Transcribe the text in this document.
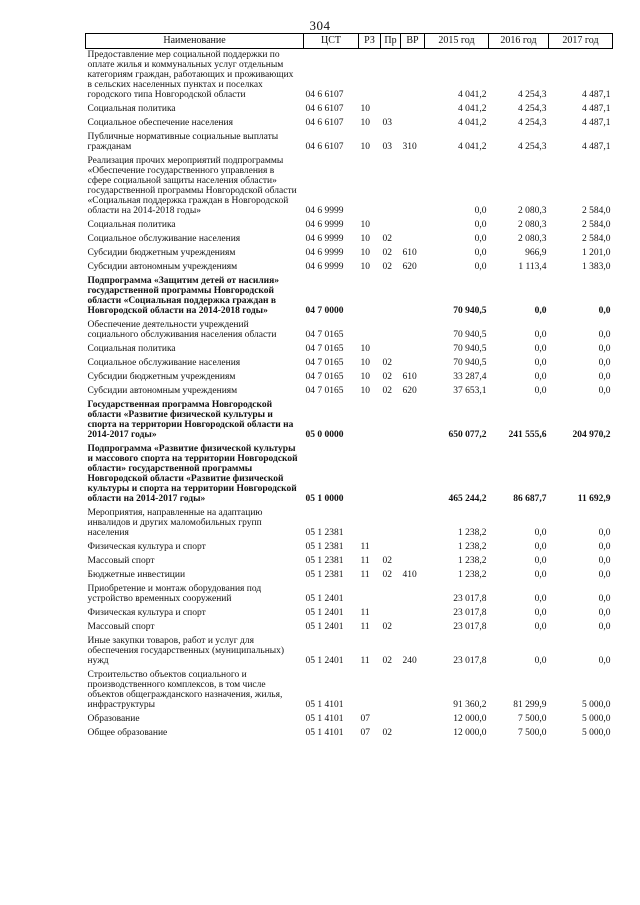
304
Наименование	ЦСТ	РЗ	Пр	ВР	2015 год	2016 год	2017 год
Предоставление мер социальной поддержки по оплате жилья и коммунальных услуг отдельным категориям граждан, работающих и проживающих в сельских населенных пунктах и поселках городского типа Новгородской области	04 6 6107				4 041,2	4 254,3	4 487,1
Социальная политика	04 6 6107	10			4 041,2	4 254,3	4 487,1
Социальное обеспечение населения	04 6 6107	10	03		4 041,2	4 254,3	4 487,1
Публичные нормативные социальные выплаты гражданам	04 6 6107	10	03	310	4 041,2	4 254,3	4 487,1
Реализация прочих мероприятий подпрограммы «Обеспечение государственного управления в сфере социальной защиты населения области» государственной программы Новгородской области «Социальная поддержка граждан в Новгородской области на 2014-2018 годы»	04 6 9999				0,0	2 080,3	2 584,0
Социальная политика	04 6 9999	10			0,0	2 080,3	2 584,0
Социальное обслуживание населения	04 6 9999	10	02		0,0	2 080,3	2 584,0
Субсидии бюджетным учреждениям	04 6 9999	10	02	610	0,0	966,9	1 201,0
Субсидии автономным учреждениям	04 6 9999	10	02	620	0,0	1 113,4	1 383,0
Подпрограмма «Защитим детей от насилия» государственной программы Новгородской области «Социальная поддержка граждан в Новгородской области на 2014-2018 годы»	04 7 0000				70 940,5	0,0	0,0
Обеспечение деятельности учреждений социального обслуживания населения области	04 7 0165				70 940,5	0,0	0,0
Социальная политика	04 7 0165	10			70 940,5	0,0	0,0
Социальное обслуживание населения	04 7 0165	10	02		70 940,5	0,0	0,0
Субсидии бюджетным учреждениям	04 7 0165	10	02	610	33 287,4	0,0	0,0
Субсидии автономным учреждениям	04 7 0165	10	02	620	37 653,1	0,0	0,0
Государственная программа Новгородской области «Развитие физической культуры и спорта на территории Новгородской области на 2014-2017 годы»	05 0 0000				650 077,2	241 555,6	204 970,2
Подпрограмма «Развитие физической культуры и массового спорта на территории Новгородской области» государственной программы Новгородской области «Развитие физической культуры и спорта на территории Новгородской области на 2014-2017 годы»	05 1 0000				465 244,2	86 687,7	11 692,9
Мероприятия, направленные на адаптацию инвалидов и других маломобильных групп населения	05 1 2381				1 238,2	0,0	0,0
Физическая культура и спорт	05 1 2381	11			1 238,2	0,0	0,0
Массовый спорт	05 1 2381	11	02		1 238,2	0,0	0,0
Бюджетные инвестиции	05 1 2381	11	02	410	1 238,2	0,0	0,0
Приобретение и монтаж оборудования под устройство временных сооружений	05 1 2401				23 017,8	0,0	0,0
Физическая культура и спорт	05 1 2401	11			23 017,8	0,0	0,0
Массовый спорт	05 1 2401	11	02		23 017,8	0,0	0,0
Иные закупки товаров, работ и услуг для обеспечения государственных (муниципальных) нужд	05 1 2401	11	02	240	23 017,8	0,0	0,0
Строительство объектов социального и производственного комплексов, в том числе объектов общегражданского назначения, жилья, инфраструктуры	05 1 4101				91 360,2	81 299,9	5 000,0
Образование	05 1 4101	07			12 000,0	7 500,0	5 000,0
Общее образование	05 1 4101	07	02		12 000,0	7 500,0	5 000,0
